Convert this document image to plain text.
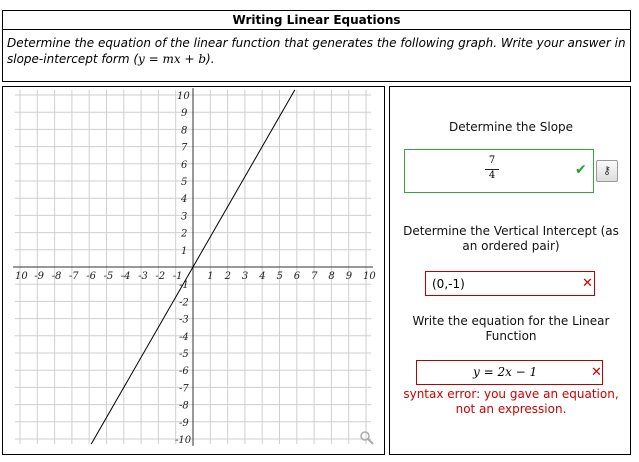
Writing Linear Equations
Determine the equation of the linear function that generates the following graph. Write your answer in slope-intercept form (y = mx + b).
10 -9 -8 -7 -6 -5 -4 -3 -2 -1 1 2 3 4 5 6 7 8 9 10
10
9
8
7
6
5
4
3
2
1
-1
-2
-3
-4
-5
-6
-7
-8
-9
-10
Determine the Slope
7
4	✔	⚷
Determine the Vertical Intercept (as an ordered pair)
(0,-1)	✕
Write the equation for the Linear Function
y = 2x − 1	✕
syntax error: you gave an equation, not an expression.
